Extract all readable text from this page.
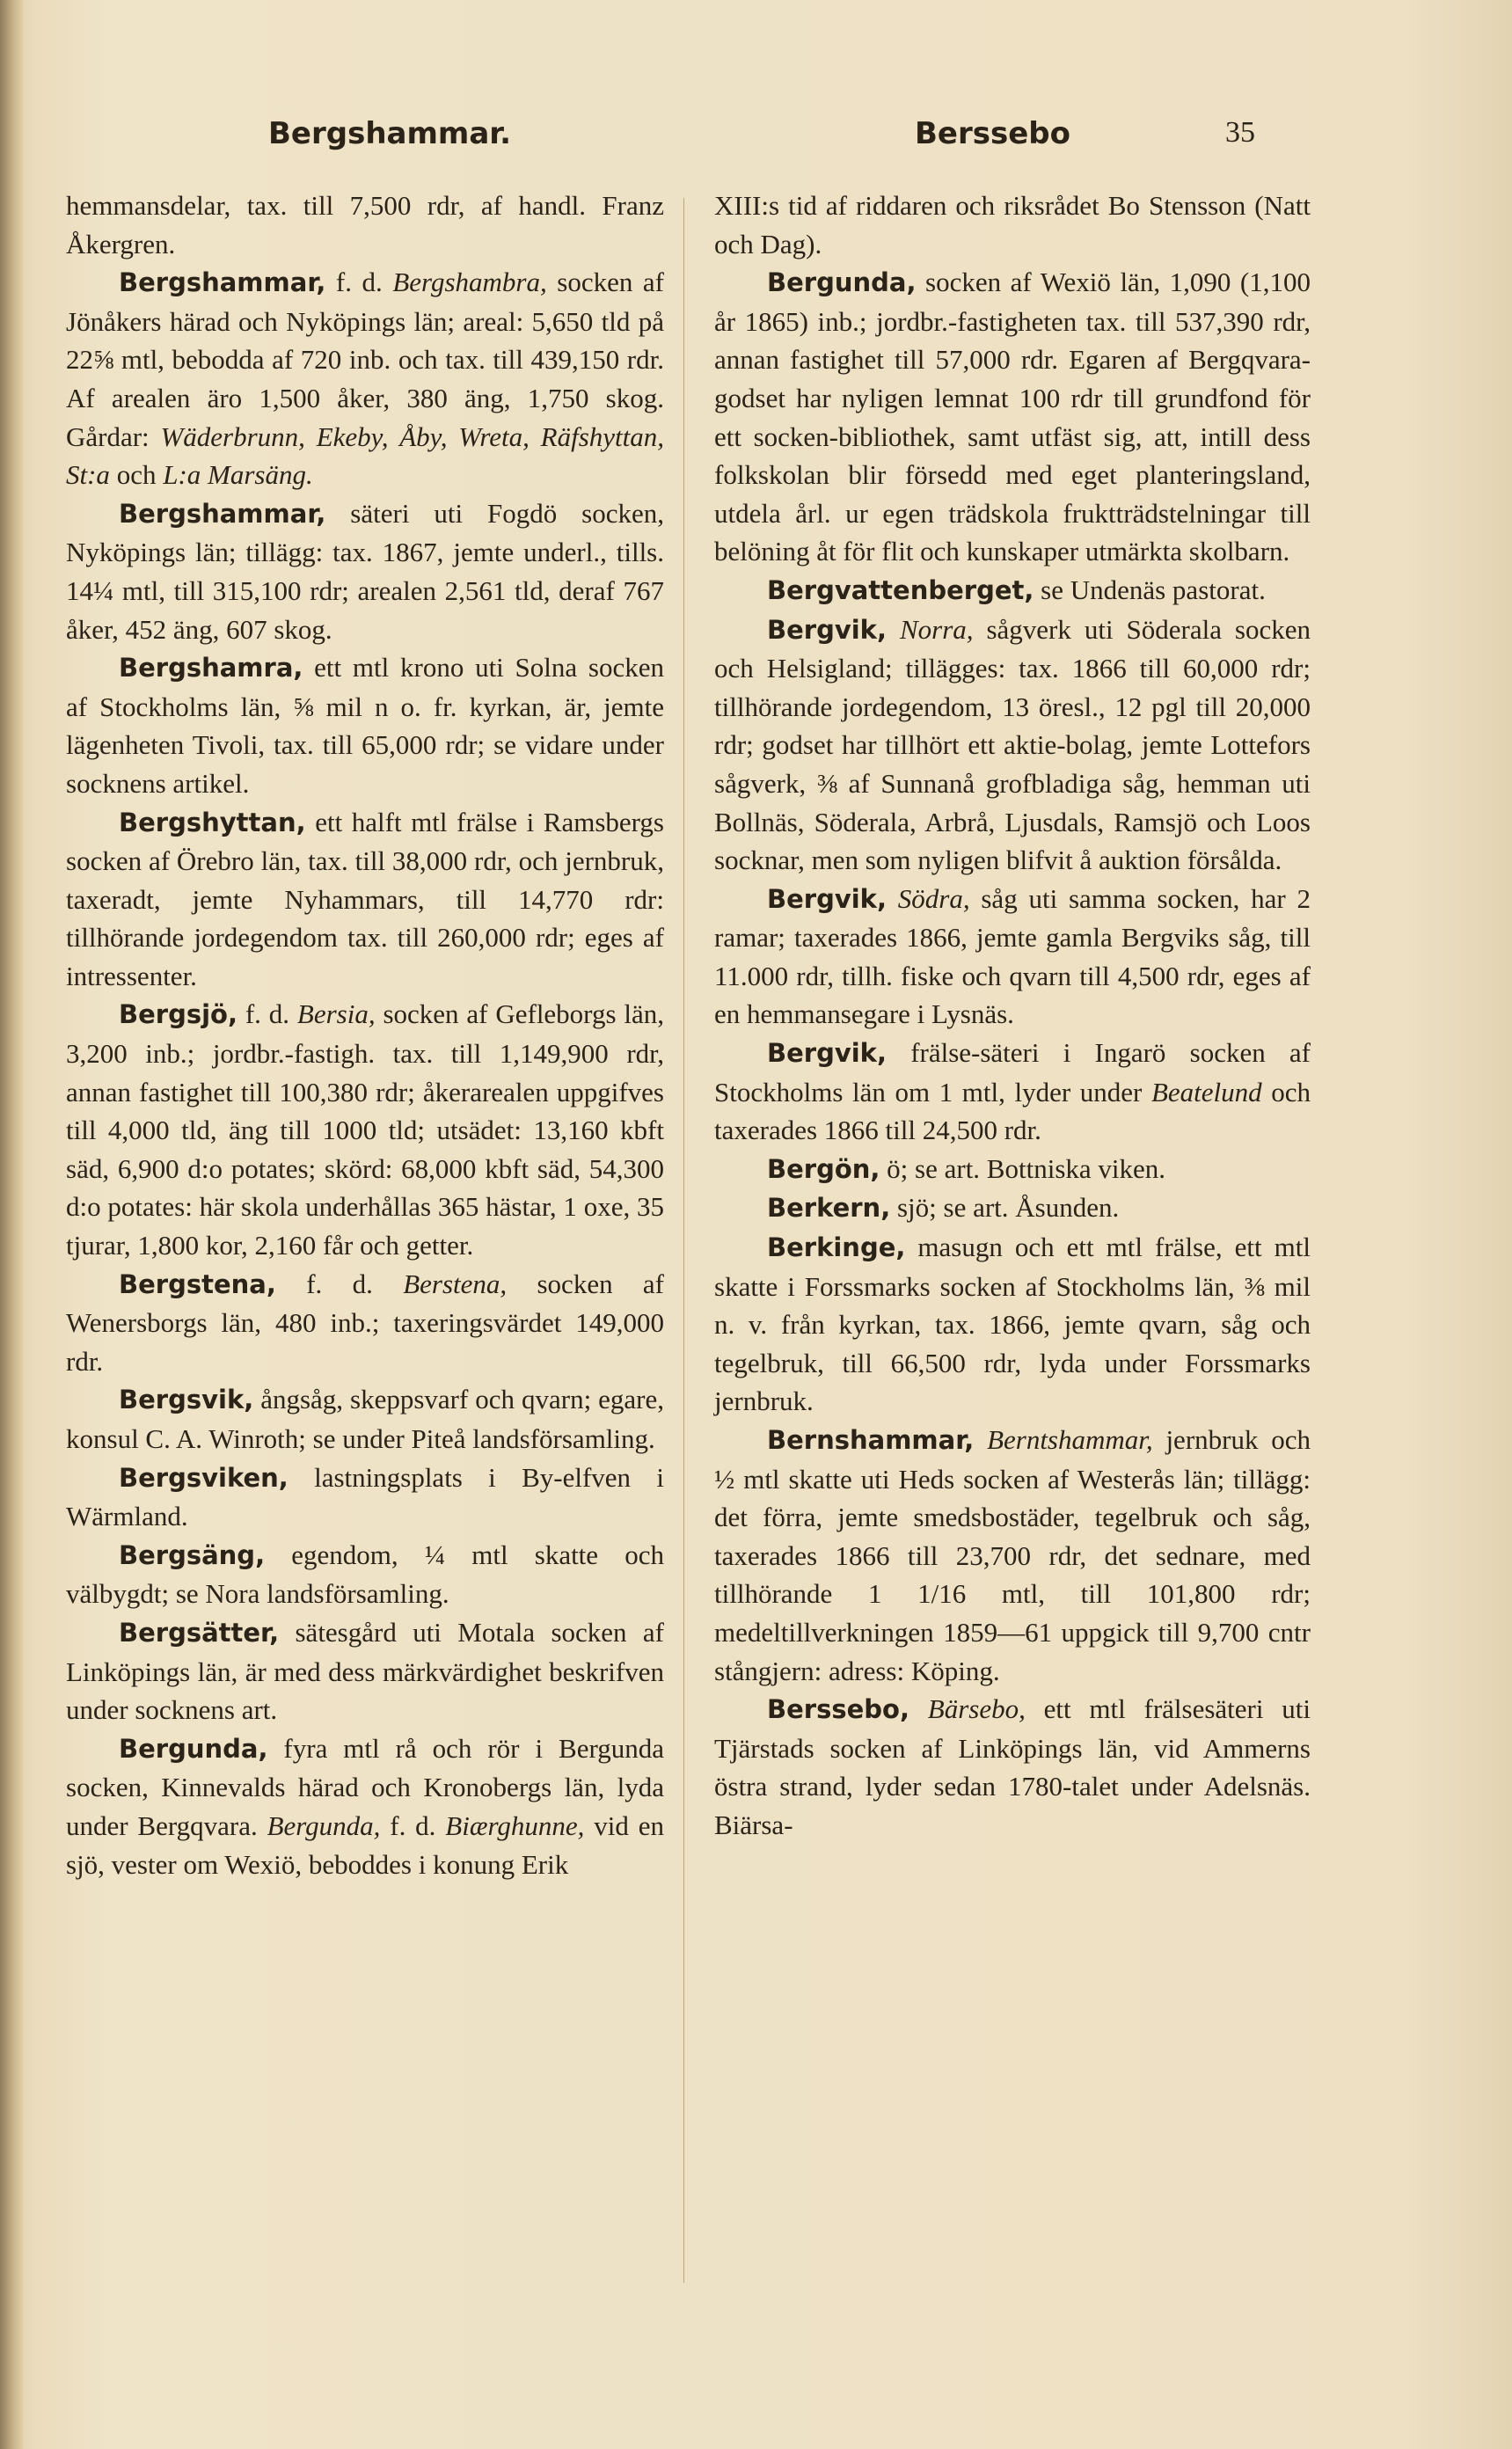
Bergshammar.	Berssebo	35

hemmansdelar, tax. till 7,500 rdr, af handl. Franz Åkergren.

Bergshammar, f. d. Bergshambra, socken af Jönåkers härad och Nyköpings län; areal: 5,650 tld på 22⅝ mtl, bebodda af 720 inb. och tax. till 439,150 rdr. Af arealen äro 1,500 åker, 380 äng, 1,750 skog. Gårdar: Wäderbrunn, Ekeby, Åby, Wreta, Räfshyttan, St:a och L:a Marsäng.

Bergshammar, säteri uti Fogdö socken, Nyköpings län; tillägg: tax. 1867, jemte underl., tills. 14¼ mtl, till 315,100 rdr; arealen 2,561 tld, deraf 767 åker, 452 äng, 607 skog.

Bergshamra, ett mtl krono uti Solna socken af Stockholms län, ⅝ mil n o. fr. kyrkan, är, jemte lägenheten Tivoli, tax. till 65,000 rdr; se vidare under socknens artikel.

Bergshyttan, ett halft mtl frälse i Ramsbergs socken af Örebro län, tax. till 38,000 rdr, och jernbruk, taxeradt, jemte Nyhammars, till 14,770 rdr: tillhörande jordegendom tax. till 260,000 rdr; eges af intressenter.

Bergsjö, f. d. Bersia, socken af Gefleborgs län, 3,200 inb.; jordbr.-fastigh. tax. till 1,149,900 rdr, annan fastighet till 100,380 rdr; åkerarealen uppgifves till 4,000 tld, äng till 1000 tld; utsädet: 13,160 kbft säd, 6,900 d:o potates; skörd: 68,000 kbft säd, 54,300 d:o potates: här skola underhållas 365 hästar, 1 oxe, 35 tjurar, 1,800 kor, 2,160 får och getter.

Bergstena, f. d. Berstena, socken af Wenersborgs län, 480 inb.; taxeringsvärdet 149,000 rdr.

Bergsvik, ångsåg, skeppsvarf och qvarn; egare, konsul C. A. Winroth; se under Piteå landsförsamling.

Bergsviken, lastningsplats i By-elfven i Wärmland.

Bergsäng, egendom, ¼ mtl skatte och välbygdt; se Nora landsförsamling.

Bergsätter, sätesgård uti Motala socken af Linköpings län, är med dess märkvärdighet beskrifven under socknens art.

Bergunda, fyra mtl rå och rör i Bergunda socken, Kinnevalds härad och Kronobergs län, lyda under Bergqvara. Bergunda, f. d. Biærghunne, vid en sjö, vester om Wexiö, beboddes i konung Erik

XIII:s tid af riddaren och riksrådet Bo Stensson (Natt och Dag).

Bergunda, socken af Wexiö län, 1,090 (1,100 år 1865) inb.; jordbr.-fastigheten tax. till 537,390 rdr, annan fastighet till 57,000 rdr. Egaren af Bergqvara-godset har nyligen lemnat 100 rdr till grundfond för ett socken-bibliothek, samt utfäst sig, att, intill dess folkskolan blir försedd med eget planteringsland, utdela årl. ur egen trädskola fruktträdstelningar till belöning åt för flit och kunskaper utmärkta skolbarn.

Bergvattenberget, se Undenäs pastorat.

Bergvik, Norra, sågverk uti Söderala socken och Helsigland; tillägges: tax. 1866 till 60,000 rdr; tillhörande jordegendom, 13 öresl., 12 pgl till 20,000 rdr; godset har tillhört ett aktie-bolag, jemte Lottefors sågverk, ⅜ af Sunnanå grofbladiga såg, hemman uti Bollnäs, Söderala, Arbrå, Ljusdals, Ramsjö och Loos socknar, men som nyligen blifvit å auktion försålda.

Bergvik, Södra, såg uti samma socken, har 2 ramar; taxerades 1866, jemte gamla Bergviks såg, till 11.000 rdr, tillh. fiske och qvarn till 4,500 rdr, eges af en hemmansegare i Lysnäs.

Bergvik, frälse-säteri i Ingarö socken af Stockholms län om 1 mtl, lyder under Beatelund och taxerades 1866 till 24,500 rdr.

Bergön, ö; se art. Bottniska viken.

Berkern, sjö; se art. Åsunden.

Berkinge, masugn och ett mtl frälse, ett mtl skatte i Forssmarks socken af Stockholms län, ⅜ mil n. v. från kyrkan, tax. 1866, jemte qvarn, såg och tegelbruk, till 66,500 rdr, lyda under Forssmarks jernbruk.

Bernshammar, Berntshammar, jernbruk och ½ mtl skatte uti Heds socken af Westerås län; tillägg: det förra, jemte smedsbostäder, tegelbruk och såg, taxerades 1866 till 23,700 rdr, det sednare, med tillhörande 1 1/16 mtl, till 101,800 rdr; medeltillverkningen 1859—61 uppgick till 9,700 cntr stångjern: adress: Köping.

Berssebo, Bärsebo, ett mtl frälsesäteri uti Tjärstads socken af Linköpings län, vid Ammerns östra strand, lyder sedan 1780-talet under Adelsnäs. Biärsa-
